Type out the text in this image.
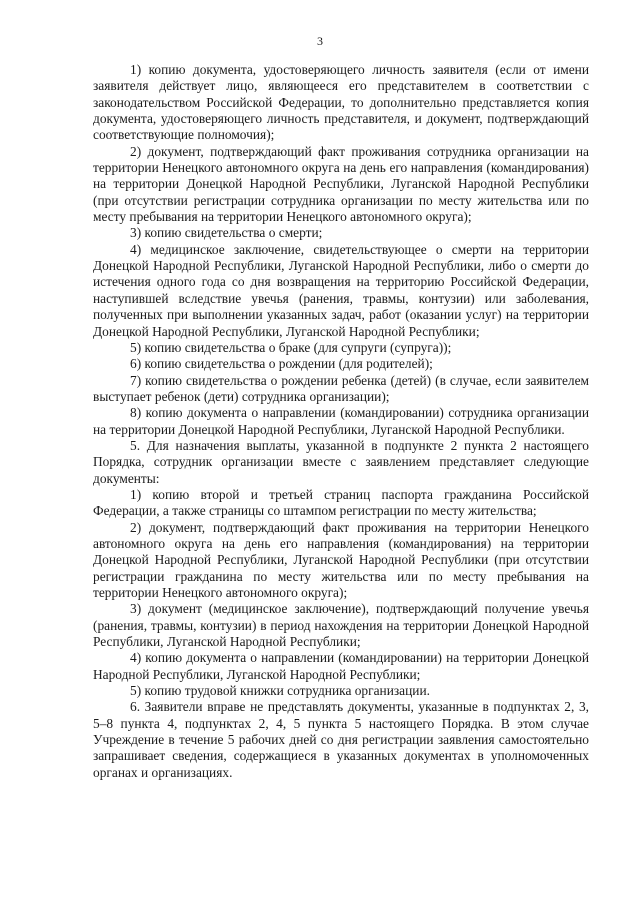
3

1) копию документа, удостоверяющего личность заявителя (если от имени заявителя действует лицо, являющееся его представителем в соответствии с законодательством Российской Федерации, то дополнительно представляется копия документа, удостоверяющего личность представителя, и документ, подтверждающий соответствующие полномочия);

2) документ, подтверждающий факт проживания сотрудника организации на территории Ненецкого автономного округа на день его направления (командирования) на территории Донецкой Народной Республики, Луганской Народной Республики (при отсутствии регистрации сотрудника организации по месту жительства или по месту пребывания на территории Ненецкого автономного округа);

3) копию свидетельства о смерти;

4) медицинское заключение, свидетельствующее о смерти на территории Донецкой Народной Республики, Луганской Народной Республики, либо о смерти до истечения одного года со дня возвращения на территорию Российской Федерации, наступившей вследствие увечья (ранения, травмы, контузии) или заболевания, полученных при выполнении указанных задач, работ (оказании услуг) на территории Донецкой Народной Республики, Луганской Народной Республики;

5) копию свидетельства о браке (для супруги (супруга));

6) копию свидетельства о рождении (для родителей);

7) копию свидетельства о рождении ребенка (детей) (в случае, если заявителем выступает ребенок (дети) сотрудника организации);

8) копию документа о направлении (командировании) сотрудника организации на территории Донецкой Народной Республики, Луганской Народной Республики.

5. Для назначения выплаты, указанной в подпункте 2 пункта 2 настоящего Порядка, сотрудник организации вместе с заявлением представляет следующие документы:

1) копию второй и третьей страниц паспорта гражданина Российской Федерации, а также страницы со штампом регистрации по месту жительства;

2) документ, подтверждающий факт проживания на территории Ненецкого автономного округа на день его направления (командирования) на территории Донецкой Народной Республики, Луганской Народной Республики (при отсутствии регистрации гражданина по месту жительства или по месту пребывания на территории Ненецкого автономного округа);

3) документ (медицинское заключение), подтверждающий получение увечья (ранения, травмы, контузии) в период нахождения на территории Донецкой Народной Республики, Луганской Народной Республики;

4) копию документа о направлении (командировании) на территории Донецкой Народной Республики, Луганской Народной Республики;

5) копию трудовой книжки сотрудника организации.

6. Заявители вправе не представлять документы, указанные в подпунктах 2, 3, 5–8 пункта 4, подпунктах 2, 4, 5 пункта 5 настоящего Порядка. В этом случае Учреждение в течение 5 рабочих дней со дня регистрации заявления самостоятельно запрашивает сведения, содержащиеся в указанных документах в уполномоченных органах и организациях.
